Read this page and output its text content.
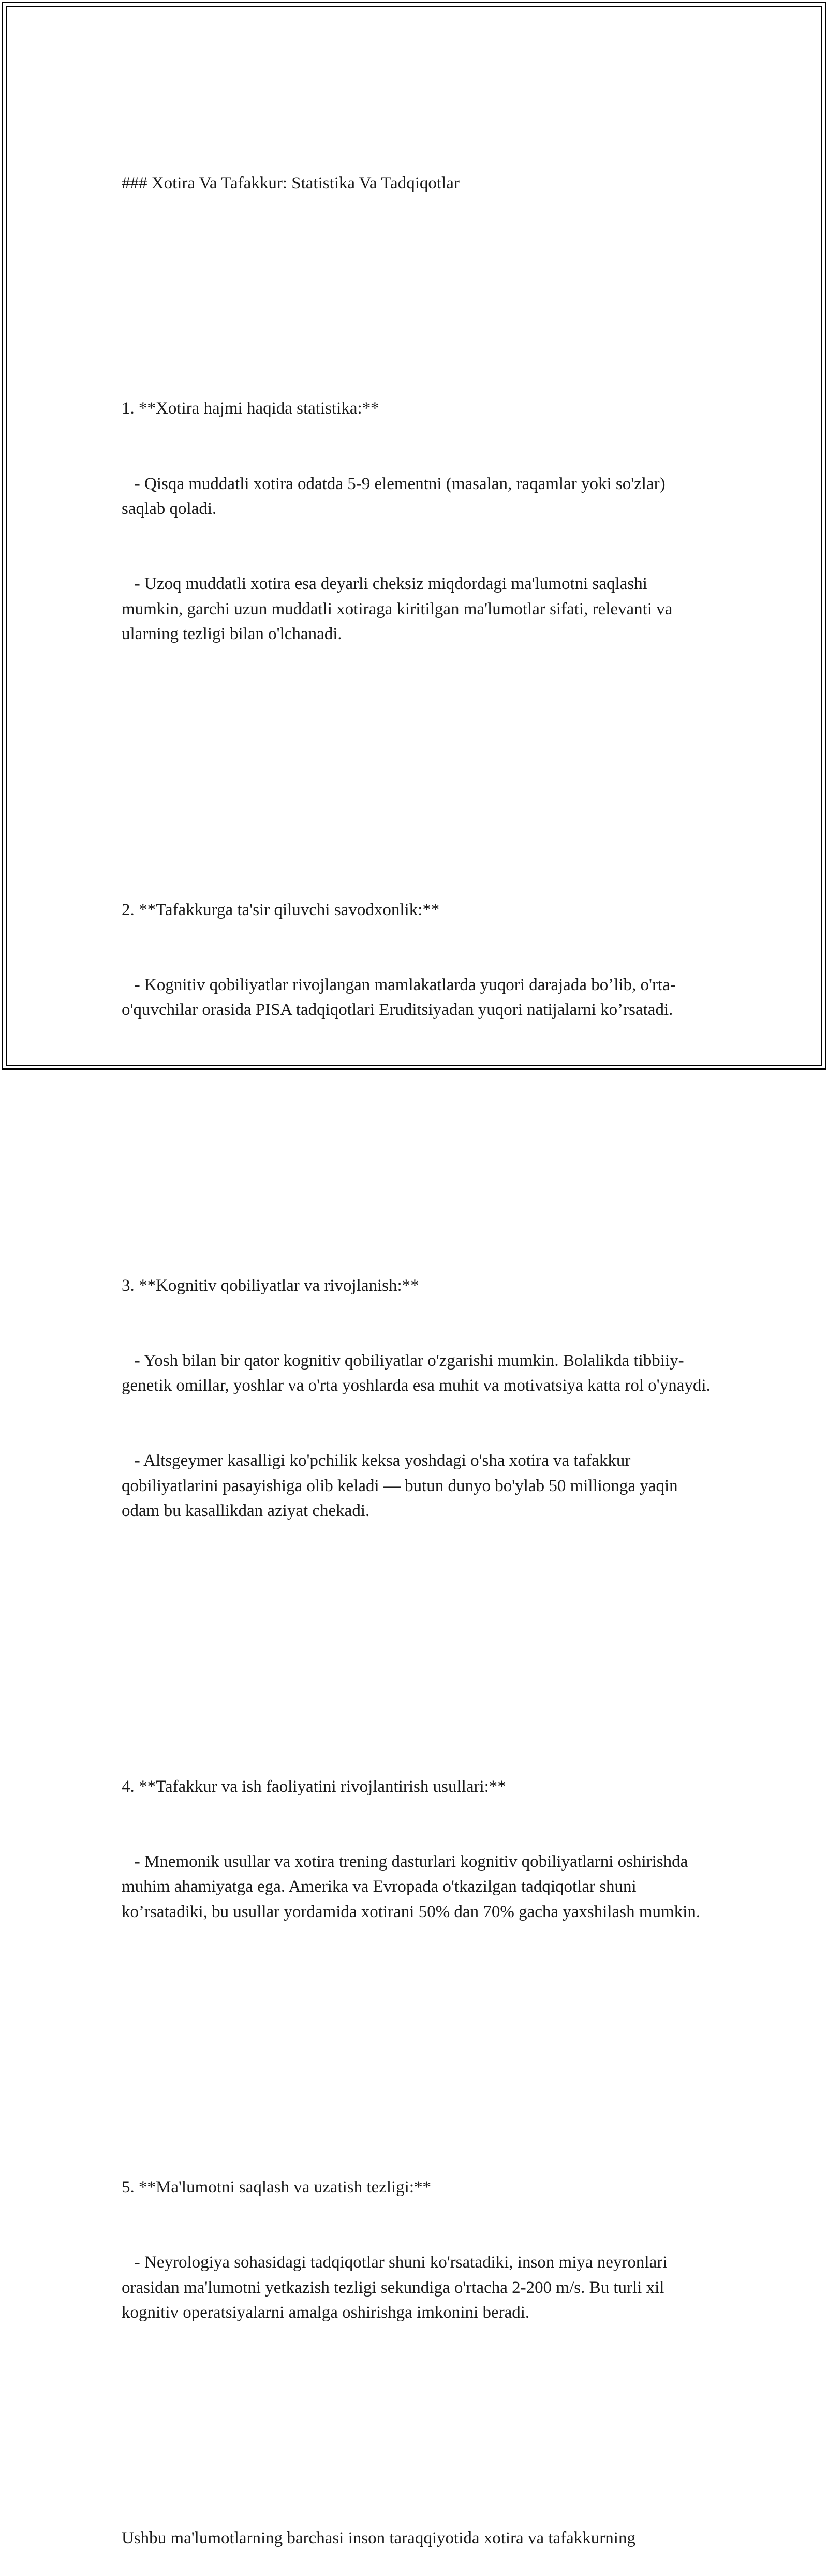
### Xotira Va Tafakkur: Statistika Va Tadqiqotlar

1. **Xotira hajmi haqida statistika:**

- Qisqa muddatli xotira odatda 5-9 elementni (masalan, raqamlar yoki so'zlar) saqlab qoladi.

- Uzoq muddatli xotira esa deyarli cheksiz miqdordagi ma'lumotni saqlashi mumkin, garchi uzun muddatli xotiraga kiritilgan ma'lumotlar sifati, relevanti va ularning tezligi bilan o'lchanadi.

2. **Tafakkurga ta'sir qiluvchi savodxonlik:**

- Kognitiv qobiliyatlar rivojlangan mamlakatlarda yuqori darajada bo’lib, o'rta-o'quvchilar orasida PISA tadqiqotlari Eruditsiyadan yuqori natijalarni ko’rsatadi.

3. **Kognitiv qobiliyatlar va rivojlanish:**

- Yosh bilan bir qator kognitiv qobiliyatlar o'zgarishi mumkin. Bolalikda tibbiiy-genetik omillar, yoshlar va o'rta yoshlarda esa muhit va motivatsiya katta rol o'ynaydi.

- Altsgeymer kasalligi ko'pchilik keksa yoshdagi o'sha xotira va tafakkur qobiliyatlarini pasayishiga olib keladi — butun dunyo bo'ylab 50 millionga yaqin odam bu kasallikdan aziyat chekadi.

4. **Tafakkur va ish faoliyatini rivojlantirish usullari:**

- Mnemonik usullar va xotira trening dasturlari kognitiv qobiliyatlarni oshirishda muhim ahamiyatga ega. Amerika va Evropada o'tkazilgan tadqiqotlar shuni ko’rsatadiki, bu usullar yordamida xotirani 50% dan 70% gacha yaxshilash mumkin.

5. **Ma'lumotni saqlash va uzatish tezligi:**

- Neyrologiya sohasidagi tadqiqotlar shuni ko'rsatadiki, inson miya neyronlari orasidan ma'lumotni yetkazish tezligi sekundiga o'rtacha 2-200 m/s. Bu turli xil kognitiv operatsiyalarni amalga oshirishga imkonini beradi.

Ushbu ma'lumotlarning barchasi inson taraqqiyotida xotira va tafakkurning
